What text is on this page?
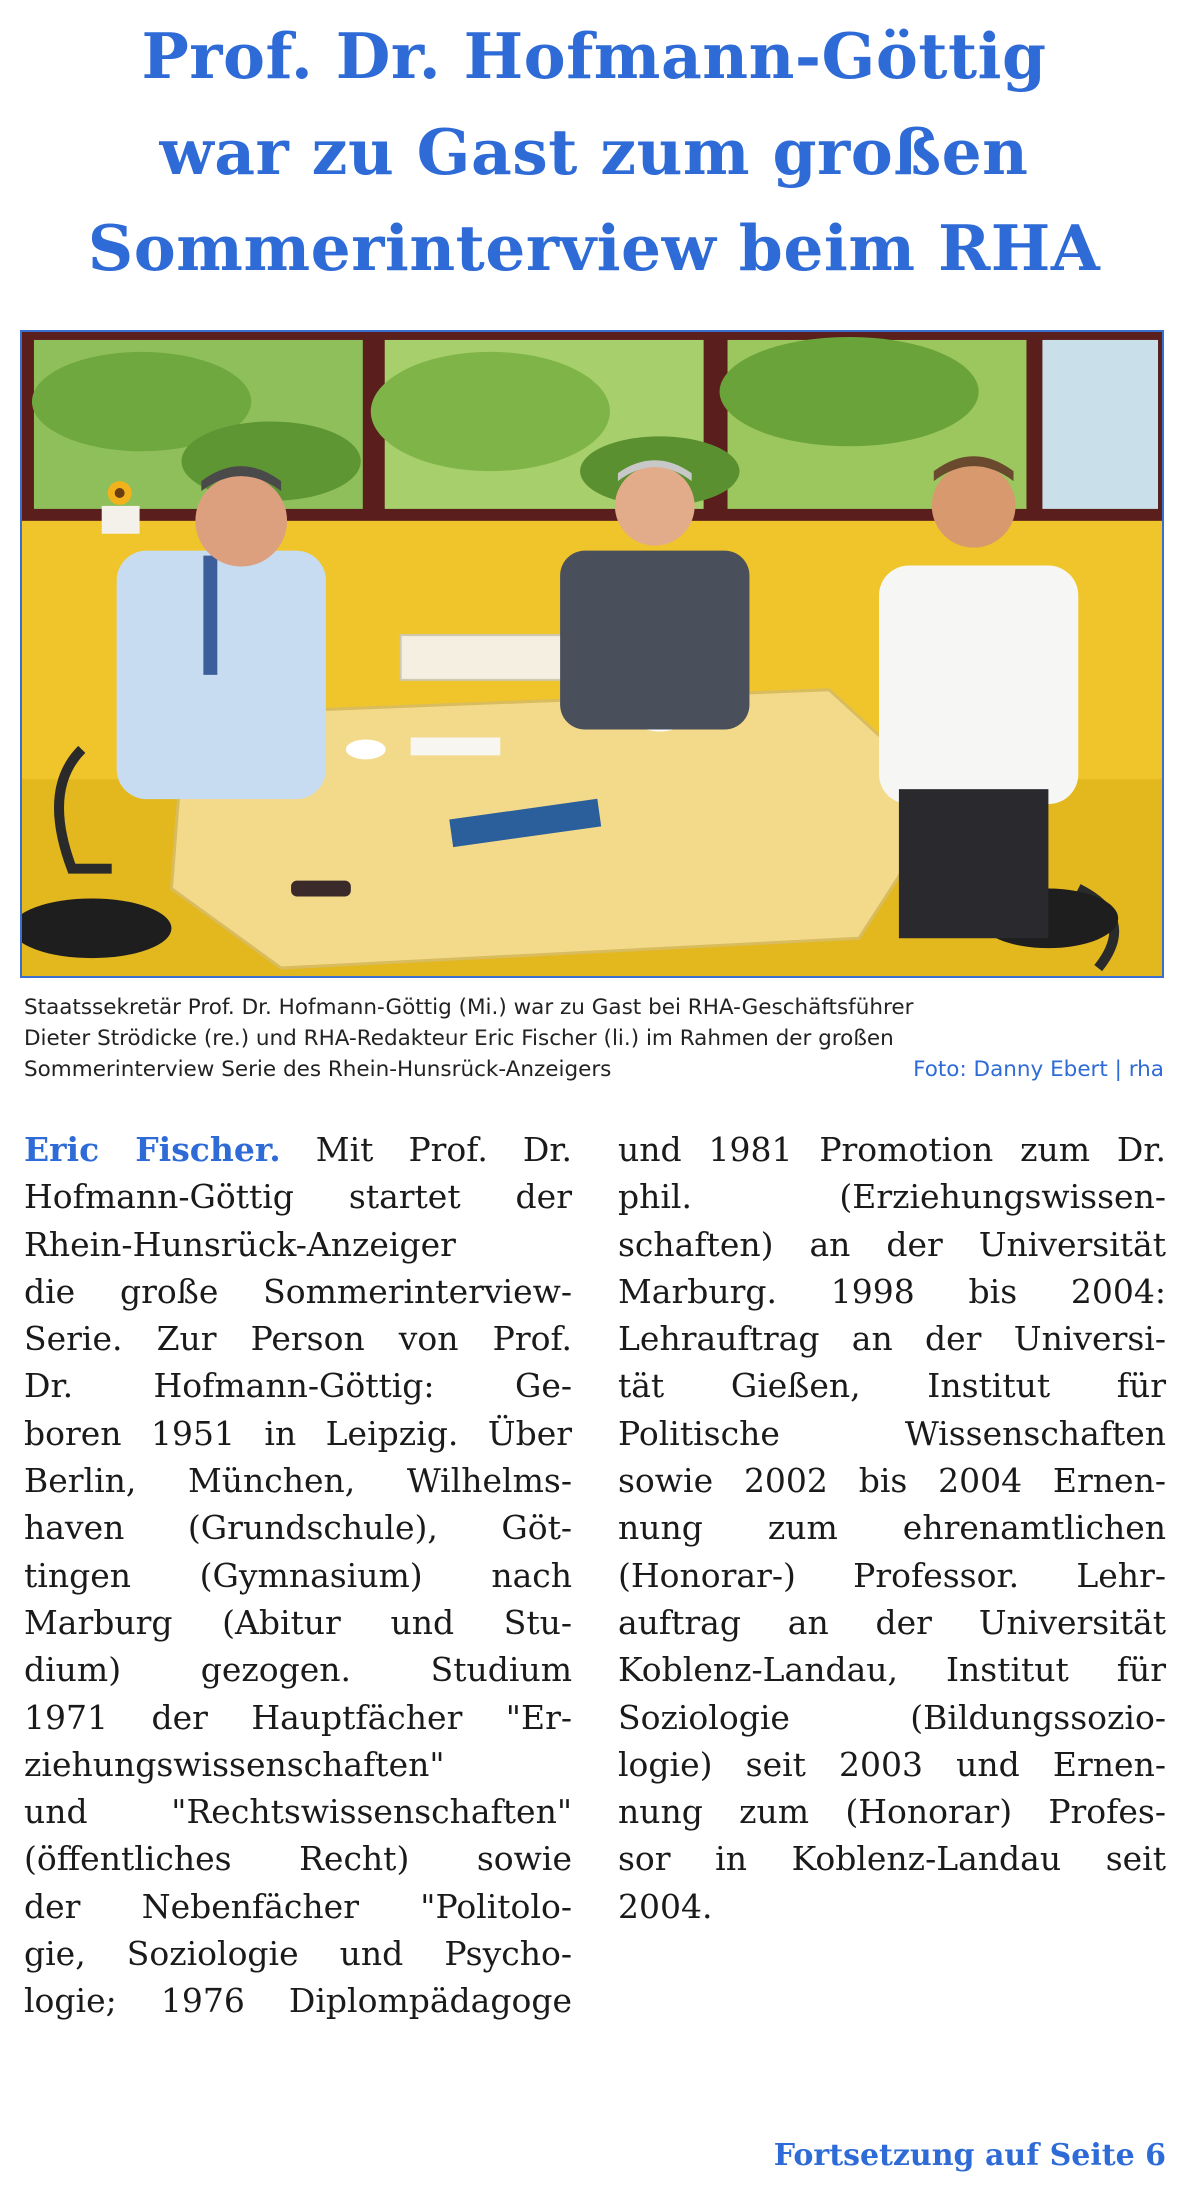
Prof. Dr. Hofmann-Göttig
war zu Gast zum großen
Sommerinterview beim RHA
Staatssekretär Prof. Dr. Hofmann-Göttig (Mi.) war zu Gast bei RHA-Geschäftsführer
Dieter Strödicke (re.) und RHA-Redakteur Eric Fischer (li.) im Rahmen der großen
Sommerinterview Serie des Rhein-Hunsrück-Anzeigers	Foto: Danny Ebert | rha
Eric Fischer. Mit Prof. Dr.
Hofmann-Göttig startet der
Rhein-Hunsrück-Anzeiger
die große Sommerinterview-
Serie. Zur Person von Prof.
Dr. Hofmann-Göttig: Ge-
boren 1951 in Leipzig. Über
Berlin, München, Wilhelms-
haven (Grundschule), Göt-
tingen (Gymnasium) nach
Marburg (Abitur und Stu-
dium) gezogen. Studium
1971 der Hauptfächer "Er-
ziehungswissenschaften"
und "Rechtswissenschaften"
(öffentliches Recht) sowie
der Nebenfächer "Politolo-
gie, Soziologie und Psycho-
logie; 1976 Diplompädagoge
und 1981 Promotion zum Dr.
phil. (Erziehungswissen-
schaften) an der Universität
Marburg. 1998 bis 2004:
Lehrauftrag an der Universi-
tät Gießen, Institut für
Politische Wissenschaften
sowie 2002 bis 2004 Ernen-
nung zum ehrenamtlichen
(Honorar-) Professor. Lehr-
auftrag an der Universität
Koblenz-Landau, Institut für
Soziologie (Bildungssozio-
logie) seit 2003 und Ernen-
nung zum (Honorar) Profes-
sor in Koblenz-Landau seit
2004.
Fortsetzung auf Seite 6
